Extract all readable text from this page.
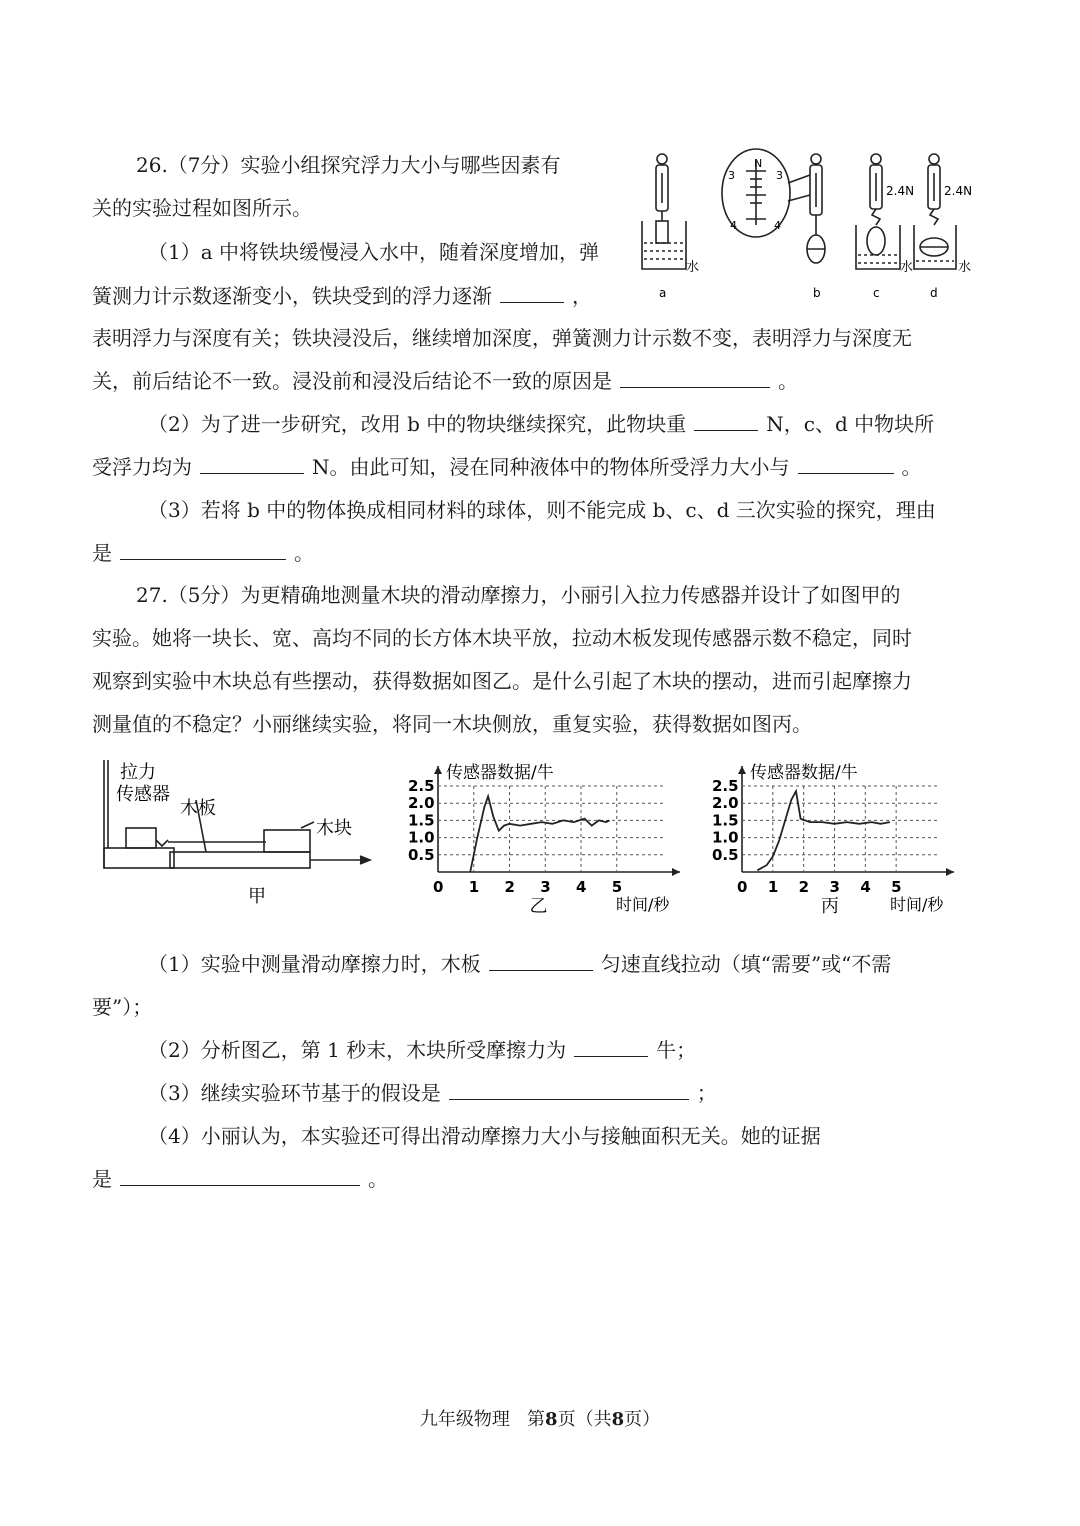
26.（7分）实验小组探究浮力大小与哪些因素有
关的实验过程如图所示。
（1）a 中将铁块缓慢浸入水中，随着深度增加，弹
簧测力计示数逐渐变小，铁块受到的浮力逐渐	，
表明浮力与深度有关；铁块浸没后，继续增加深度，弹簧测力计示数不变，表明浮力与深度无
关，前后结论不一致。浸没前和浸没后结论不一致的原因是	。
（2）为了进一步研究，改用 b 中的物块继续探究，此物块重	N，c、d 中物块所
受浮力均为	N。由此可知，浸在同种液体中的物体所受浮力大小与	。
（3）若将 b 中的物体换成相同材料的球体，则不能完成 b、c、d 三次实验的探究，理由
是	。
N
3	3
4	4
水	水	水
2.4N 2.4N
a	b	c	d
27.（5分）为更精确地测量木块的滑动摩擦力，小丽引入拉力传感器并设计了如图甲的
实验。她将一块长、宽、高均不同的长方体木块平放，拉动木板发现传感器示数不稳定，同时
观察到实验中木块总有些摆动，获得数据如图乙。是什么引起了木块的摆动，进而引起摩擦力
测量值的不稳定？小丽继续实验，将同一木块侧放，重复实验，获得数据如图丙。
拉力
传感器
木板
木块
甲
0.5
1.0
1.5
2.0
2.5
0 1 2 3 4 5
传感器数据/牛
时间/秒
乙
0.5
1.0
1.5
2.0
2.5
0 1 2 3 4 5
传感器数据/牛
时间/秒
丙
（1）实验中测量滑动摩擦力时，木板	匀速直线拉动（填“需要”或“不需
要”）；
（2）分析图乙，第 1 秒末，木块所受摩擦力为	牛；
（3）继续实验环节基于的假设是	；
（4）小丽认为，本实验还可得出滑动摩擦力大小与接触面积无关。她的证据
是	。
九年级物理 第8页（共8页）
